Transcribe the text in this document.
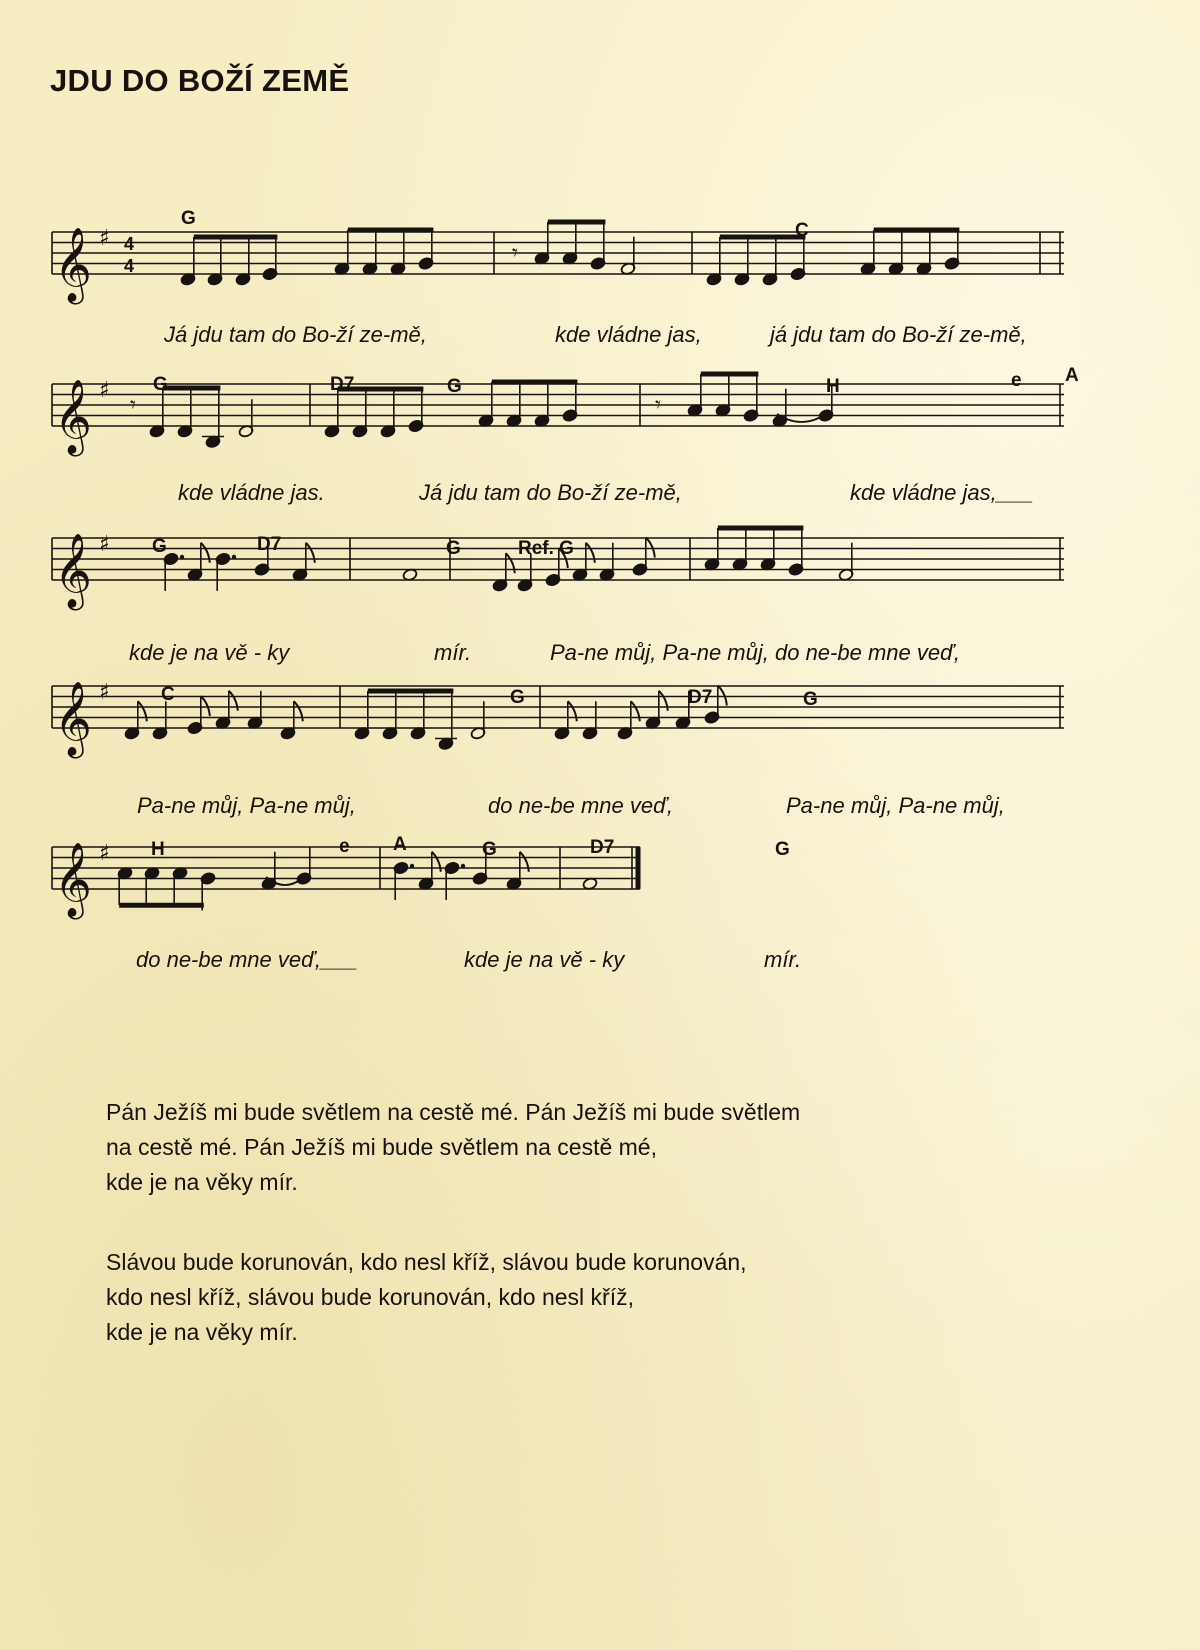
JDU DO BOŽÍ ZEMĚ
𝄞 ♯ 4
4	𝄾
𝄞 ♯
𝄾	𝄾
𝄞 ♯
𝄞 ♯
𝄞 ♯
G
C
Já jdu tam do Bo-ží ze-mě,	kde vládne jas,	já jdu tam do Bo-ží ze-mě,
G	D7	G	H	e A
kde vládne jas.	Já jdu tam do Bo-ží ze-mě,	kde vládne jas,___
G	D7	G	Ref. G
kde je na vě - ky	mír.	Pa-ne můj, Pa-ne můj, do ne-be mne veď,
C	G	D7	G
Pa-ne můj, Pa-ne můj,	do ne-be mne veď,	Pa-ne můj, Pa-ne můj,
H	e A	G	D7	G
do ne-be mne veď,___	kde je na vě - ky	mír.

Pán Ježíš mi bude světlem na cestě mé. Pán Ježíš mi bude světlem

na cestě mé. Pán Ježíš mi bude světlem na cestě mé,

kde je na věky mír.

Slávou bude korunován, kdo nesl kříž, slávou bude korunován,

kdo nesl kříž, slávou bude korunován, kdo nesl kříž,

kde je na věky mír.
